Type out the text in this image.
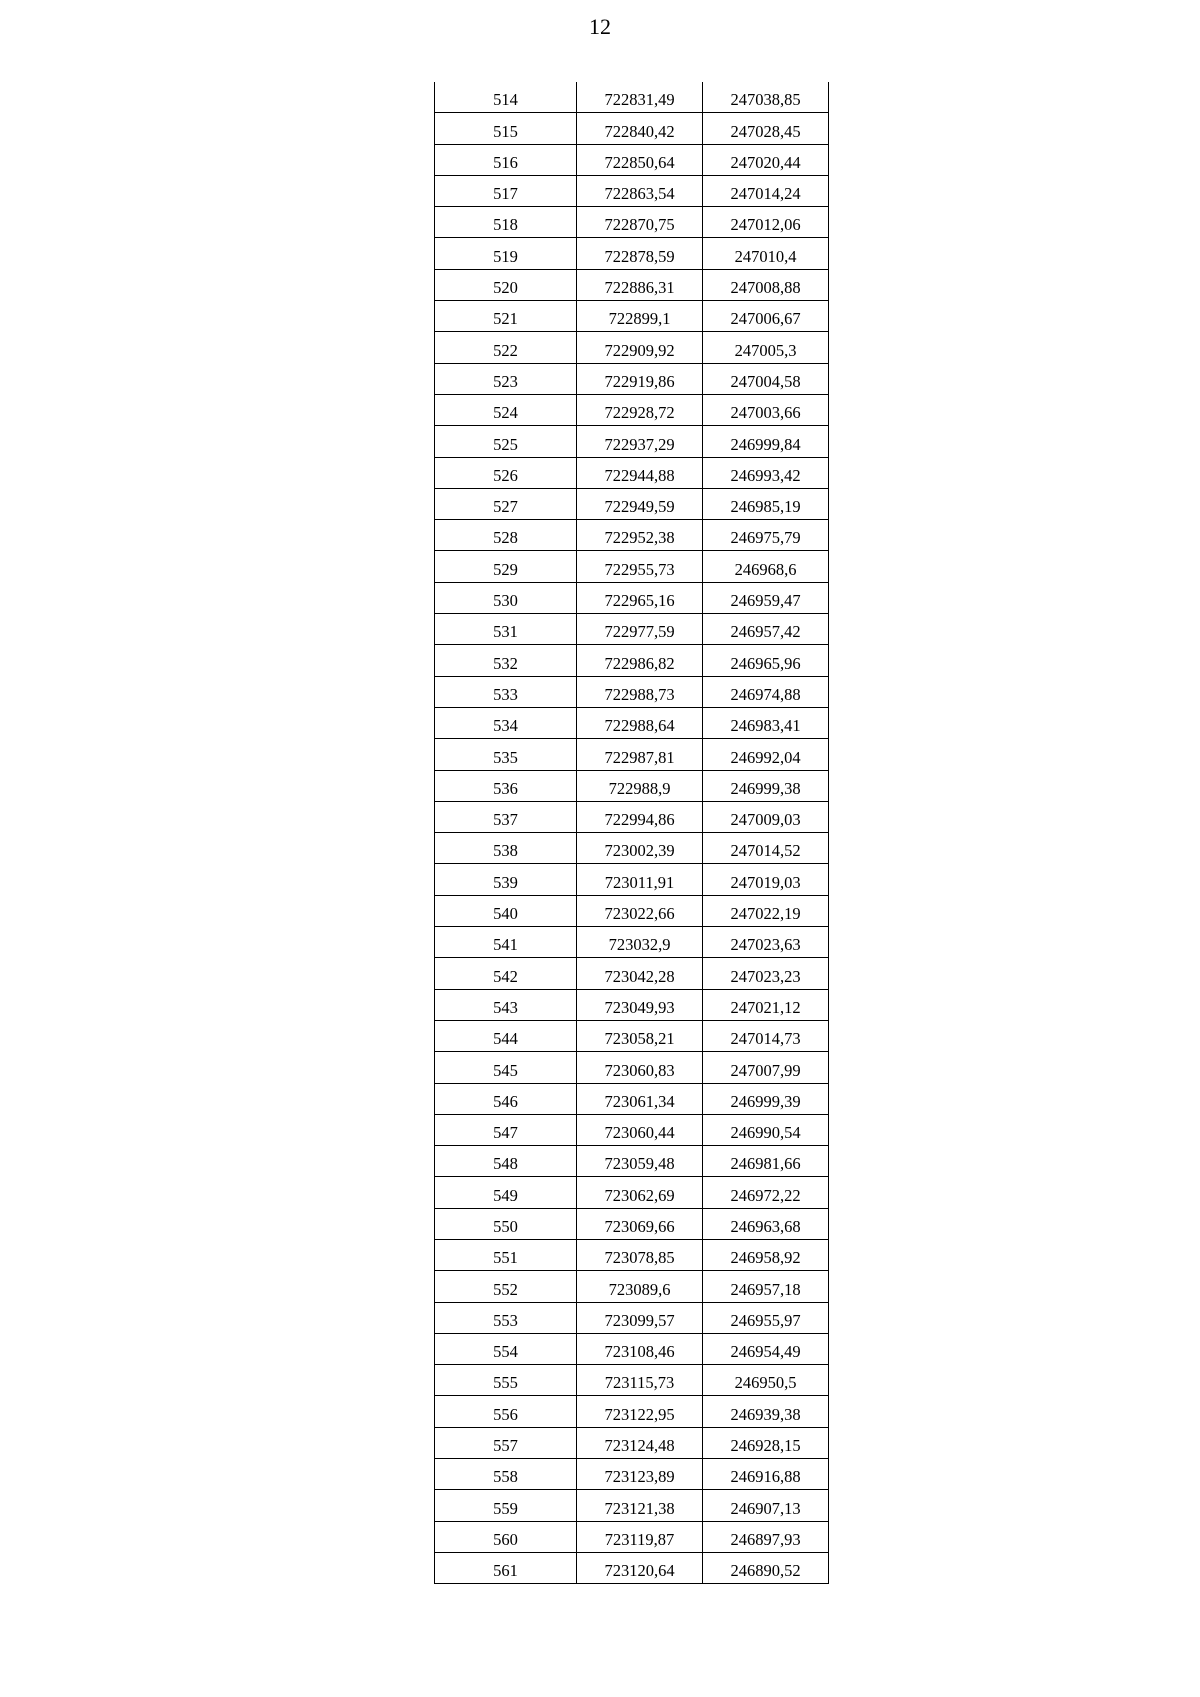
12
514	722831,49	247038,85
515	722840,42	247028,45
516	722850,64	247020,44
517	722863,54	247014,24
518	722870,75	247012,06
519	722878,59	247010,4
520	722886,31	247008,88
521	722899,1	247006,67
522	722909,92	247005,3
523	722919,86	247004,58
524	722928,72	247003,66
525	722937,29	246999,84
526	722944,88	246993,42
527	722949,59	246985,19
528	722952,38	246975,79
529	722955,73	246968,6
530	722965,16	246959,47
531	722977,59	246957,42
532	722986,82	246965,96
533	722988,73	246974,88
534	722988,64	246983,41
535	722987,81	246992,04
536	722988,9	246999,38
537	722994,86	247009,03
538	723002,39	247014,52
539	723011,91	247019,03
540	723022,66	247022,19
541	723032,9	247023,63
542	723042,28	247023,23
543	723049,93	247021,12
544	723058,21	247014,73
545	723060,83	247007,99
546	723061,34	246999,39
547	723060,44	246990,54
548	723059,48	246981,66
549	723062,69	246972,22
550	723069,66	246963,68
551	723078,85	246958,92
552	723089,6	246957,18
553	723099,57	246955,97
554	723108,46	246954,49
555	723115,73	246950,5
556	723122,95	246939,38
557	723124,48	246928,15
558	723123,89	246916,88
559	723121,38	246907,13
560	723119,87	246897,93
561	723120,64	246890,52
